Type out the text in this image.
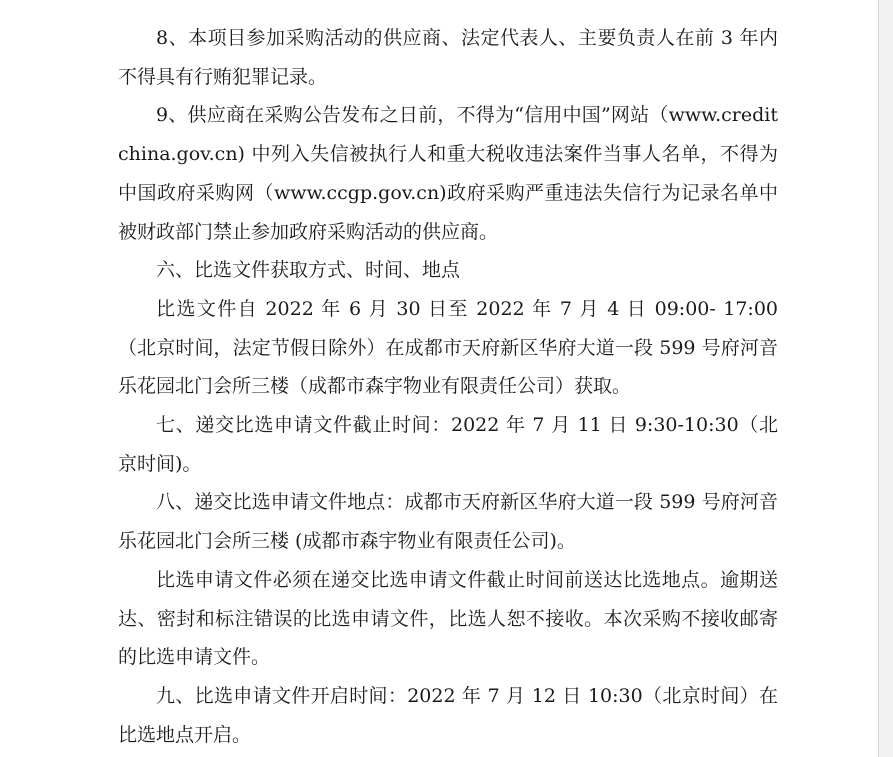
8、本项目参加采购活动的供应商、法定代表人、主要负责人在前 3 年内不得具有行贿犯罪记录。

9、供应商在采购公告发布之日前，不得为“信用中国”网站（www.creditchina.gov.cn) 中列入失信被执行人和重大税收违法案件当事人名单，不得为中国政府采购网（www.ccgp.gov.cn)政府采购严重违法失信行为记录名单中被财政部门禁止参加政府采购活动的供应商。

六、比选文件获取方式、时间、地点

比选文件自 2022 年 6 月 30 日至 2022 年 7 月 4 日 09:00- 17:00（北京时间，法定节假日除外）在成都市天府新区华府大道一段 599 号府河音乐花园北门会所三楼（成都市森宇物业有限责任公司）获取。

七、递交比选申请文件截止时间：2022 年 7 月 11 日 9:30-10:30（北京时间)。

八、递交比选申请文件地点：成都市天府新区华府大道一段 599 号府河音乐花园北门会所三楼 (成都市森宇物业有限责任公司)。

比选申请文件必须在递交比选申请文件截止时间前送达比选地点。逾期送达、密封和标注错误的比选申请文件，比选人恕不接收。本次采购不接收邮寄的比选申请文件。

九、比选申请文件开启时间：2022 年 7 月 12 日 10:30（北京时间）在比选地点开启。
